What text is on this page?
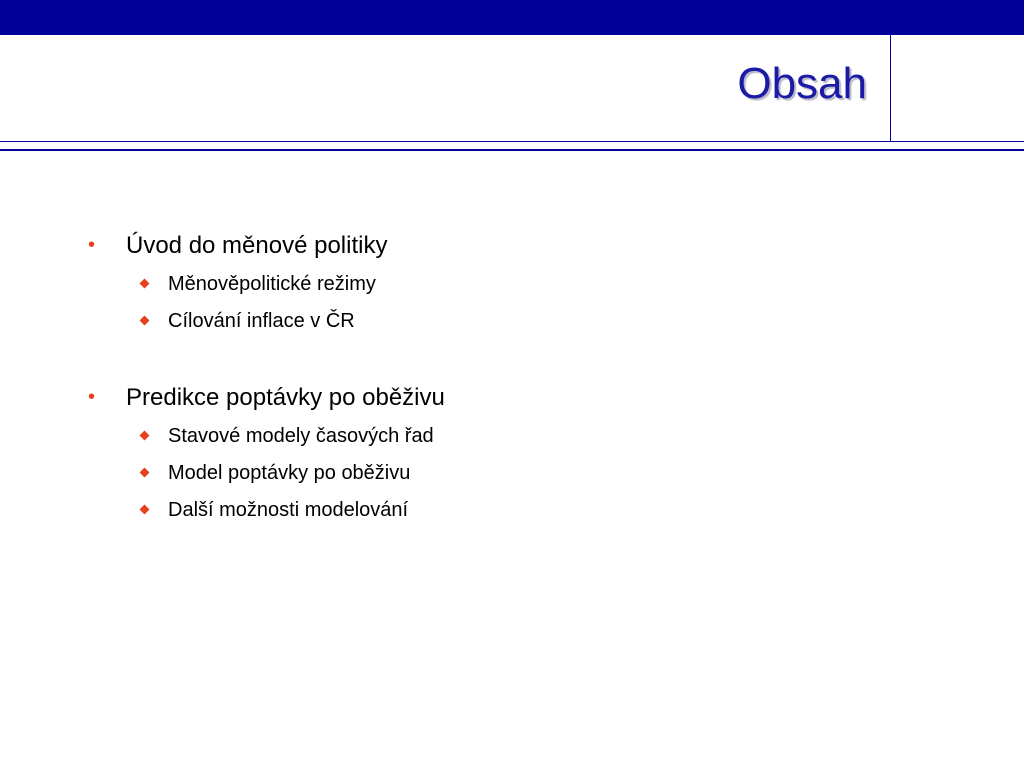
Obsah
• Úvod do měnové politiky
Měnověpolitické režimy
Cílování inflace v ČR
• Predikce poptávky po oběživu
Stavové modely časových řad
Model poptávky po oběživu
Další možnosti modelování
